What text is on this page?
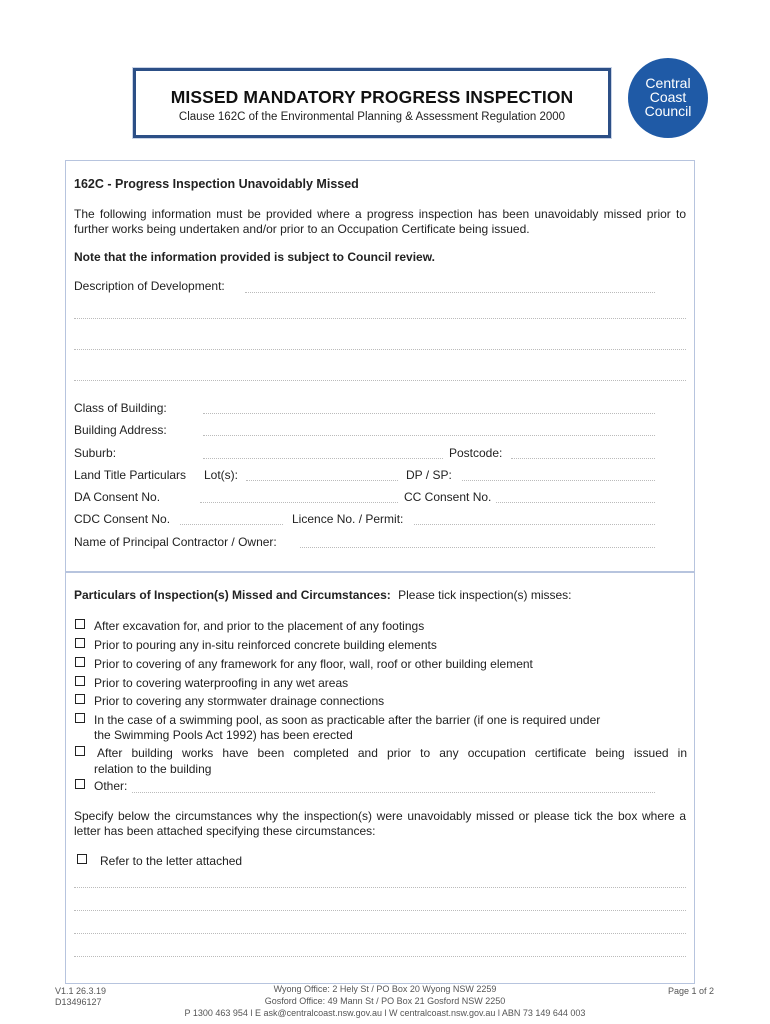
MISSED MANDATORY PROGRESS INSPECTION
Clause 162C of the Environmental Planning & Assessment Regulation 2000
Central
Coast
Council
162C - Progress Inspection Unavoidably Missed
The following information must be provided where a progress inspection has been unavoidably missed prior to further works being undertaken and/or prior to an Occupation Certificate being issued.
Note that the information provided is subject to Council review.
Description of Development:
Class of Building:
Building Address:
Suburb:	Postcode:
Land Title Particulars Lot(s):	DP / SP:
DA Consent No.	CC Consent No.
CDC Consent No.	Licence No. / Permit:
Name of Principal Contractor / Owner:
Particulars of Inspection(s) Missed and Circumstances: Please tick inspection(s) misses:
After excavation for, and prior to the placement of any footings
Prior to pouring any in-situ reinforced concrete building elements
Prior to covering of any framework for any floor, wall, roof or other building element
Prior to covering waterproofing in any wet areas
Prior to covering any stormwater drainage connections
In the case of a swimming pool, as soon as practicable after the barrier (if one is required under
the Swimming Pools Act 1992) has been erected
After building works have been completed and prior to any occupation certificate being issued in
relation to the building
Other:
Specify below the circumstances why the inspection(s) were unavoidably missed or please tick the box where a letter has been attached specifying these circumstances:
Refer to the letter attached
V1.1 26.3.19
D13496127
Wyong Office: 2 Hely St / PO Box 20 Wyong NSW 2259
Gosford Office: 49 Mann St / PO Box 21 Gosford NSW 2250
P 1300 463 954 l E ask@centralcoast.nsw.gov.au l W centralcoast.nsw.gov.au l ABN 73 149 644 003
Page 1 of 2
